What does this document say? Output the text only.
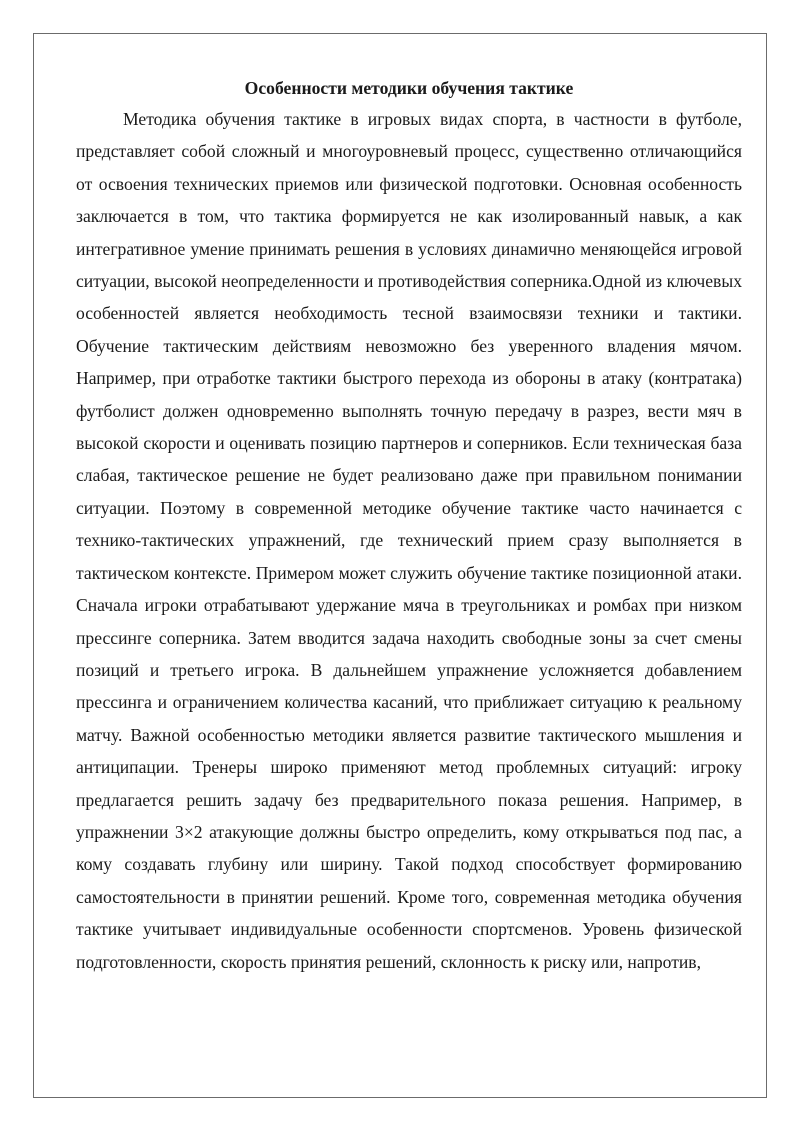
Особенности методики обучения тактике

Методика обучения тактике в игровых видах спорта, в частности в футболе, представляет собой сложный и многоуровневый процесс, существенно отличающийся от освоения технических приемов или физической подготовки. Основная особенность заключается в том, что тактика формируется не как изолированный навык, а как интегративное умение принимать решения в условиях динамично меняющейся игровой ситуации, высокой неопределенности и противодействия соперника.Одной из ключевых особенностей является необходимость тесной взаимосвязи техники и тактики. Обучение тактическим действиям невозможно без уверенного владения мячом. Например, при отработке тактики быстрого перехода из обороны в атаку (контратака) футболист должен одновременно выполнять точную передачу в разрез, вести мяч в высокой скорости и оценивать позицию партнеров и соперников. Если техническая база слабая, тактическое решение не будет реализовано даже при правильном понимании ситуации. Поэтому в современной методике обучение тактике часто начинается с технико-тактических упражнений, где технический прием сразу выполняется в тактическом контексте. Примером может служить обучение тактике позиционной атаки. Сначала игроки отрабатывают удержание мяча в треугольниках и ромбах при низком прессинге соперника. Затем вводится задача находить свободные зоны за счет смены позиций и третьего игрока. В дальнейшем упражнение усложняется добавлением прессинга и ограничением количества касаний, что приближает ситуацию к реальному матчу. Важной особенностью методики является развитие тактического мышления и антиципации. Тренеры широко применяют метод проблемных ситуаций: игроку предлагается решить задачу без предварительного показа решения. Например, в упражнении 3×2 атакующие должны быстро определить, кому открываться под пас, а кому создавать глубину или ширину. Такой подход способствует формированию самостоятельности в принятии решений. Кроме того, современная методика обучения тактике учитывает индивидуальные особенности спортсменов. Уровень физической подготовленности, скорость принятия решений, склонность к риску или, напротив,
